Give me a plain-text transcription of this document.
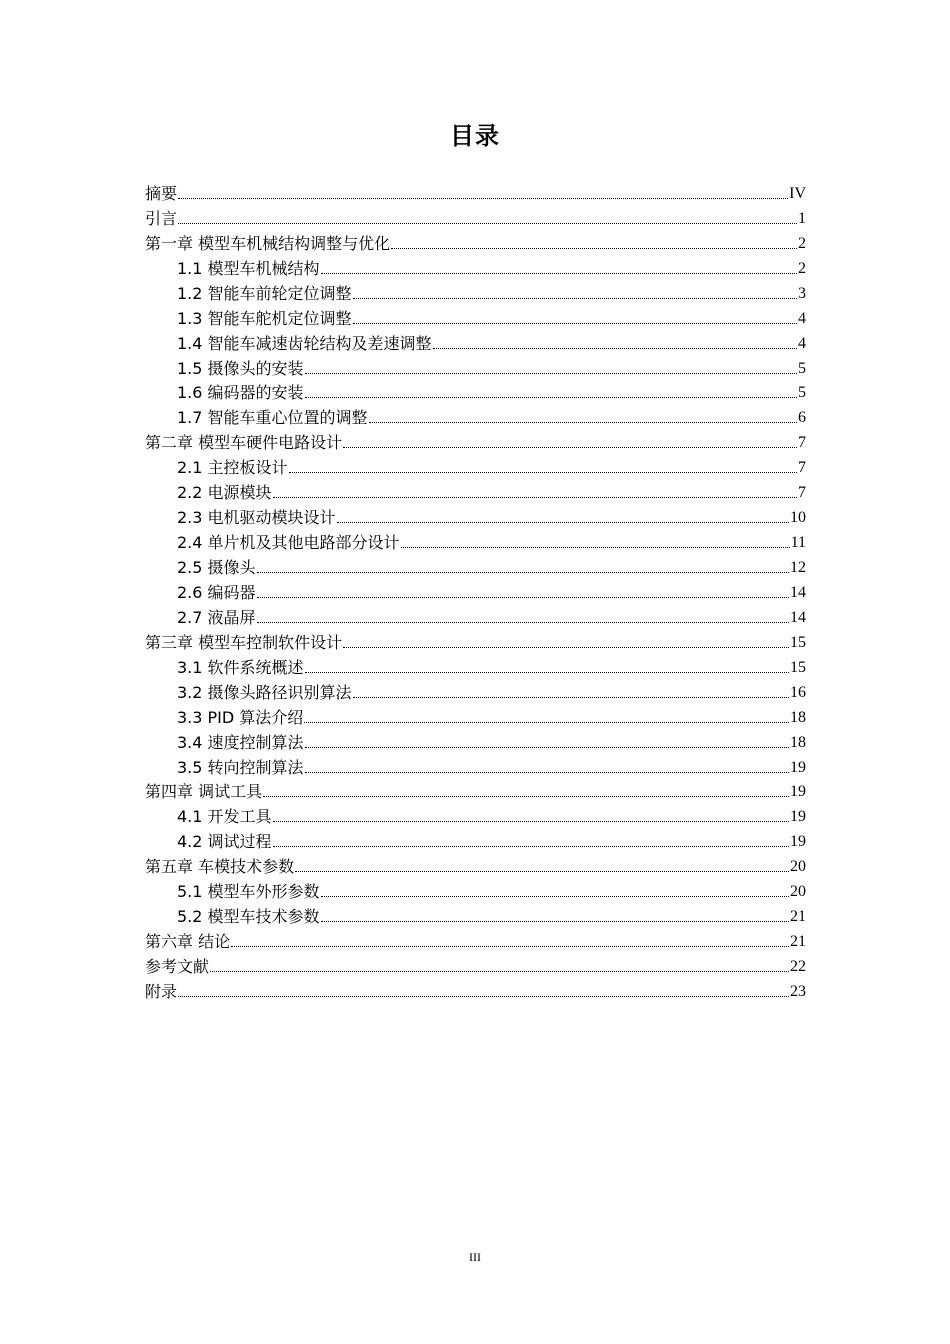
目录
摘要	IV
引言	1
第一章 模型车机械结构调整与优化	2
1.1 模型车机械结构	2
1.2 智能车前轮定位调整	3
1.3 智能车舵机定位调整	4
1.4 智能车减速齿轮结构及差速调整	4
1.5 摄像头的安装	5
1.6 编码器的安装	5
1.7 智能车重心位置的调整	6
第二章 模型车硬件电路设计	7
2.1 主控板设计	7
2.2 电源模块	7
2.3 电机驱动模块设计	10
2.4 单片机及其他电路部分设计	11
2.5 摄像头	12
2.6 编码器	14
2.7 液晶屏	14
第三章 模型车控制软件设计	15
3.1 软件系统概述	15
3.2 摄像头路径识别算法	16
3.3 PID 算法介绍	18
3.4 速度控制算法	18
3.5 转向控制算法	19
第四章 调试工具	19
4.1 开发工具	19
4.2 调试过程	19
第五章 车模技术参数	20
5.1 模型车外形参数	20
5.2 模型车技术参数	21
第六章 结论	21
参考文献	22
附录	23
III
